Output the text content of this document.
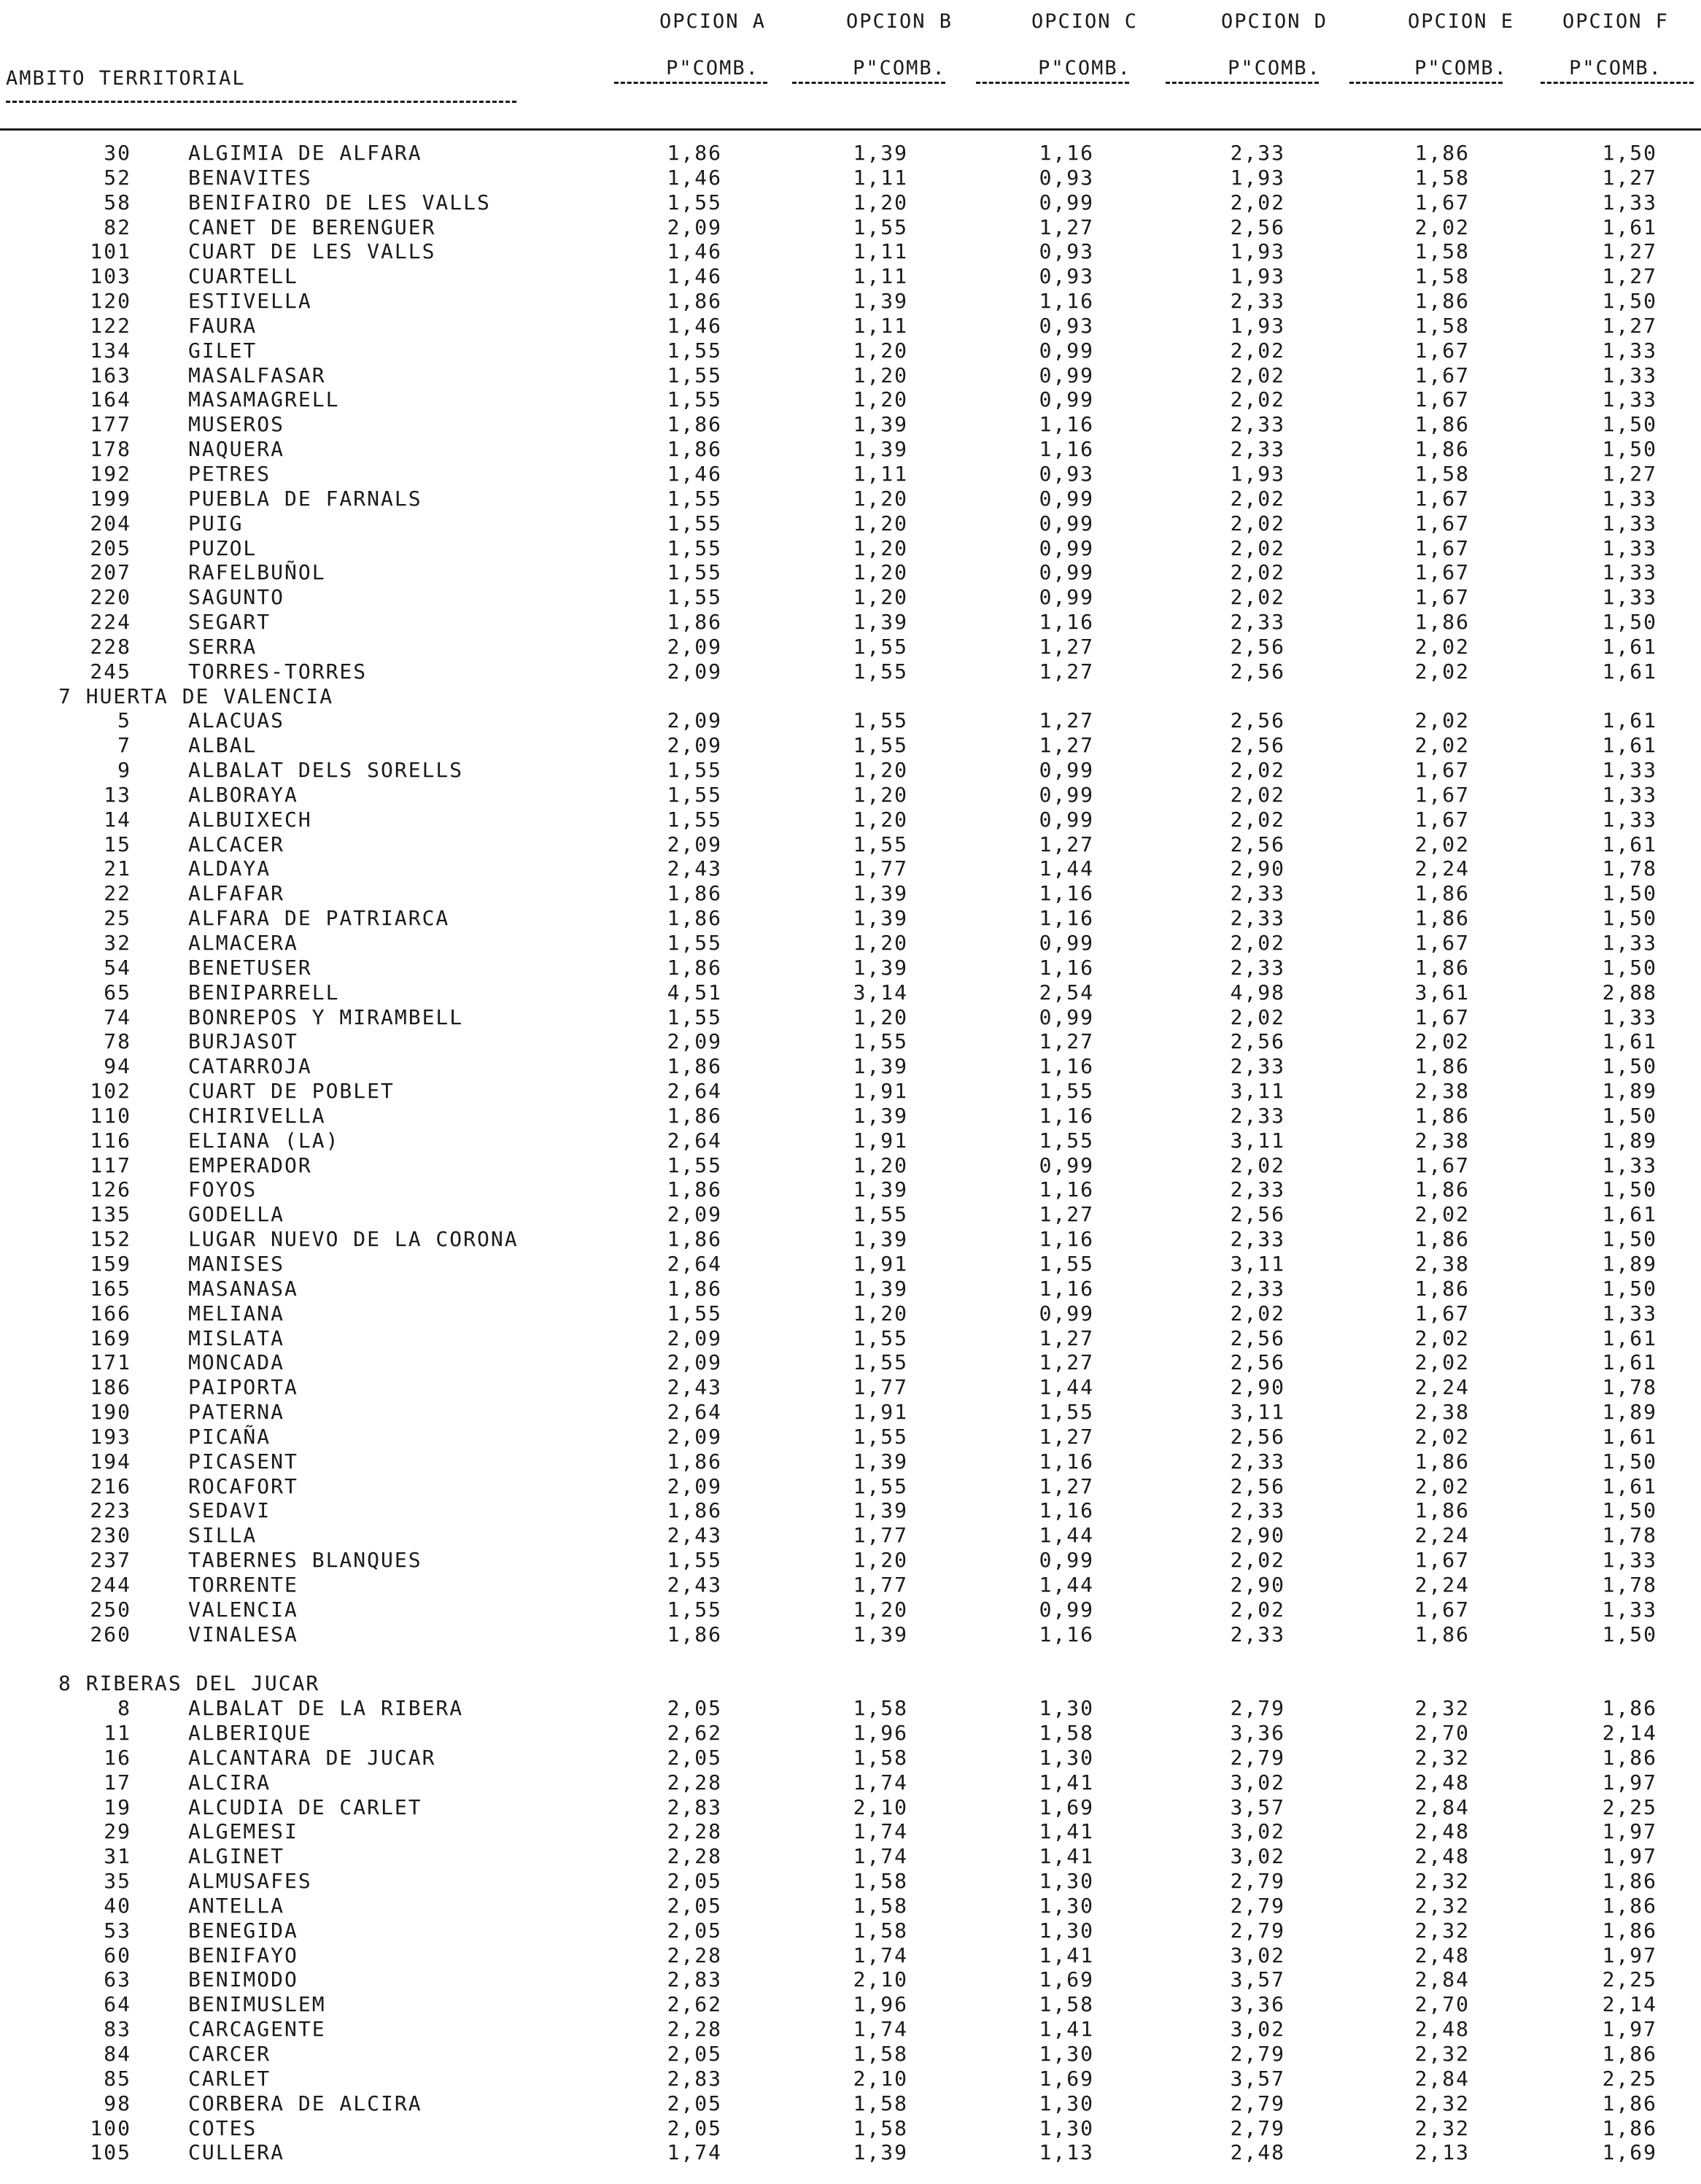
AMBITO TERRITORIAL
OPCION A	OPCION B	OPCION C	OPCION D	OPCION E	OPCION F
P"COMB.	P"COMB.	P"COMB.	P"COMB.	P"COMB.	P"COMB.
30	ALGIMIA DE ALFARA	1,86	1,39	1,16	2,33	1,86	1,50
52	BENAVITES	1,46	1,11	0,93	1,93	1,58	1,27
58	BENIFAIRO DE LES VALLS	1,55	1,20	0,99	2,02	1,67	1,33
82	CANET DE BERENGUER	2,09	1,55	1,27	2,56	2,02	1,61
101	CUART DE LES VALLS	1,46	1,11	0,93	1,93	1,58	1,27
103	CUARTELL	1,46	1,11	0,93	1,93	1,58	1,27
120	ESTIVELLA	1,86	1,39	1,16	2,33	1,86	1,50
122	FAURA	1,46	1,11	0,93	1,93	1,58	1,27
134	GILET	1,55	1,20	0,99	2,02	1,67	1,33
163	MASALFASAR	1,55	1,20	0,99	2,02	1,67	1,33
164	MASAMAGRELL	1,55	1,20	0,99	2,02	1,67	1,33
177	MUSEROS	1,86	1,39	1,16	2,33	1,86	1,50
178	NAQUERA	1,86	1,39	1,16	2,33	1,86	1,50
192	PETRES	1,46	1,11	0,93	1,93	1,58	1,27
199	PUEBLA DE FARNALS	1,55	1,20	0,99	2,02	1,67	1,33
204	PUIG	1,55	1,20	0,99	2,02	1,67	1,33
205	PUZOL	1,55	1,20	0,99	2,02	1,67	1,33
207	RAFELBUÑOL	1,55	1,20	0,99	2,02	1,67	1,33
220	SAGUNTO	1,55	1,20	0,99	2,02	1,67	1,33
224	SEGART	1,86	1,39	1,16	2,33	1,86	1,50
228	SERRA	2,09	1,55	1,27	2,56	2,02	1,61
245	TORRES-TORRES	2,09	1,55	1,27	2,56	2,02	1,61
7 HUERTA DE VALENCIA
5	ALACUAS	2,09	1,55	1,27	2,56	2,02	1,61
7	ALBAL	2,09	1,55	1,27	2,56	2,02	1,61
9	ALBALAT DELS SORELLS	1,55	1,20	0,99	2,02	1,67	1,33
13	ALBORAYA	1,55	1,20	0,99	2,02	1,67	1,33
14	ALBUIXECH	1,55	1,20	0,99	2,02	1,67	1,33
15	ALCACER	2,09	1,55	1,27	2,56	2,02	1,61
21	ALDAYA	2,43	1,77	1,44	2,90	2,24	1,78
22	ALFAFAR	1,86	1,39	1,16	2,33	1,86	1,50
25	ALFARA DE PATRIARCA	1,86	1,39	1,16	2,33	1,86	1,50
32	ALMACERA	1,55	1,20	0,99	2,02	1,67	1,33
54	BENETUSER	1,86	1,39	1,16	2,33	1,86	1,50
65	BENIPARRELL	4,51	3,14	2,54	4,98	3,61	2,88
74	BONREPOS Y MIRAMBELL	1,55	1,20	0,99	2,02	1,67	1,33
78	BURJASOT	2,09	1,55	1,27	2,56	2,02	1,61
94	CATARROJA	1,86	1,39	1,16	2,33	1,86	1,50
102	CUART DE POBLET	2,64	1,91	1,55	3,11	2,38	1,89
110	CHIRIVELLA	1,86	1,39	1,16	2,33	1,86	1,50
116	ELIANA (LA)	2,64	1,91	1,55	3,11	2,38	1,89
117	EMPERADOR	1,55	1,20	0,99	2,02	1,67	1,33
126	FOYOS	1,86	1,39	1,16	2,33	1,86	1,50
135	GODELLA	2,09	1,55	1,27	2,56	2,02	1,61
152	LUGAR NUEVO DE LA CORONA	1,86	1,39	1,16	2,33	1,86	1,50
159	MANISES	2,64	1,91	1,55	3,11	2,38	1,89
165	MASANASA	1,86	1,39	1,16	2,33	1,86	1,50
166	MELIANA	1,55	1,20	0,99	2,02	1,67	1,33
169	MISLATA	2,09	1,55	1,27	2,56	2,02	1,61
171	MONCADA	2,09	1,55	1,27	2,56	2,02	1,61
186	PAIPORTA	2,43	1,77	1,44	2,90	2,24	1,78
190	PATERNA	2,64	1,91	1,55	3,11	2,38	1,89
193	PICAÑA	2,09	1,55	1,27	2,56	2,02	1,61
194	PICASENT	1,86	1,39	1,16	2,33	1,86	1,50
216	ROCAFORT	2,09	1,55	1,27	2,56	2,02	1,61
223	SEDAVI	1,86	1,39	1,16	2,33	1,86	1,50
230	SILLA	2,43	1,77	1,44	2,90	2,24	1,78
237	TABERNES BLANQUES	1,55	1,20	0,99	2,02	1,67	1,33
244	TORRENTE	2,43	1,77	1,44	2,90	2,24	1,78
250	VALENCIA	1,55	1,20	0,99	2,02	1,67	1,33
260	VINALESA	1,86	1,39	1,16	2,33	1,86	1,50
8 RIBERAS DEL JUCAR
8	ALBALAT DE LA RIBERA	2,05	1,58	1,30	2,79	2,32	1,86
11	ALBERIQUE	2,62	1,96	1,58	3,36	2,70	2,14
16	ALCANTARA DE JUCAR	2,05	1,58	1,30	2,79	2,32	1,86
17	ALCIRA	2,28	1,74	1,41	3,02	2,48	1,97
19	ALCUDIA DE CARLET	2,83	2,10	1,69	3,57	2,84	2,25
29	ALGEMESI	2,28	1,74	1,41	3,02	2,48	1,97
31	ALGINET	2,28	1,74	1,41	3,02	2,48	1,97
35	ALMUSAFES	2,05	1,58	1,30	2,79	2,32	1,86
40	ANTELLA	2,05	1,58	1,30	2,79	2,32	1,86
53	BENEGIDA	2,05	1,58	1,30	2,79	2,32	1,86
60	BENIFAYO	2,28	1,74	1,41	3,02	2,48	1,97
63	BENIMODO	2,83	2,10	1,69	3,57	2,84	2,25
64	BENIMUSLEM	2,62	1,96	1,58	3,36	2,70	2,14
83	CARCAGENTE	2,28	1,74	1,41	3,02	2,48	1,97
84	CARCER	2,05	1,58	1,30	2,79	2,32	1,86
85	CARLET	2,83	2,10	1,69	3,57	2,84	2,25
98	CORBERA DE ALCIRA	2,05	1,58	1,30	2,79	2,32	1,86
100	COTES	2,05	1,58	1,30	2,79	2,32	1,86
105	CULLERA	1,74	1,39	1,13	2,48	2,13	1,69
